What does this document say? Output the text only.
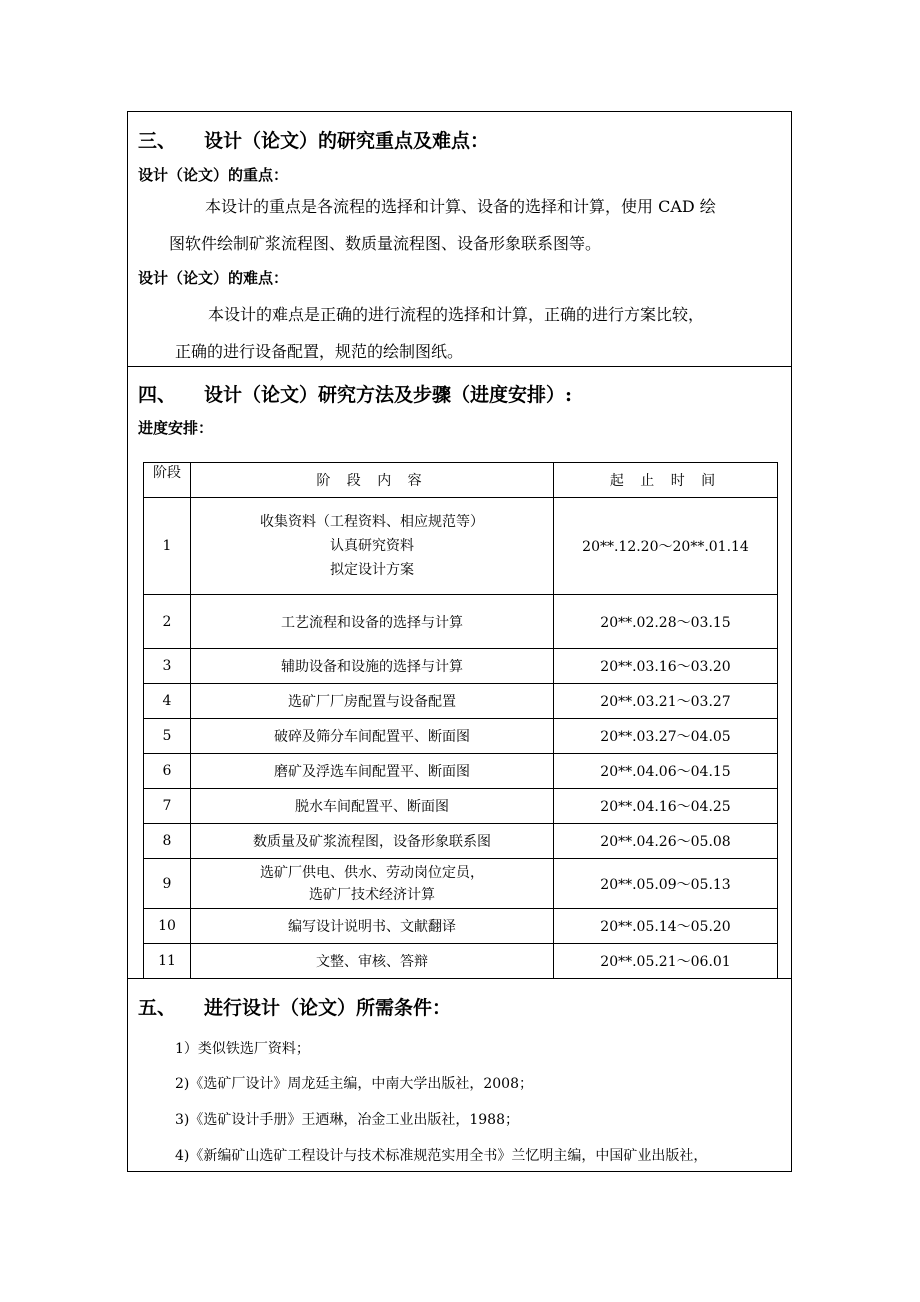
三、 设计（论文）的研究重点及难点：
设计（论文）的重点：
本设计的重点是各流程的选择和计算、设备的选择和计算，使用 CAD 绘
图软件绘制矿浆流程图、数质量流程图、设备形象联系图等。
设计（论文）的难点：
本设计的难点是正确的进行流程的选择和计算，正确的进行方案比较，
正确的进行设备配置，规范的绘制图纸。
四、 设计（论文）研究方法及步骤（进度安排）:
进度安排：
阶段	阶 段 内 容	起 止 时 间
1	收集资料（工程资料、相应规范等）
认真研究资料
拟定设计方案	20**.12.20～20**.01.14
2	工艺流程和设备的选择与计算	20**.02.28～03.15
3	辅助设备和设施的选择与计算	20**.03.16～03.20
4	选矿厂厂房配置与设备配置	20**.03.21～03.27
5	破碎及筛分车间配置平、断面图	20**.03.27～04.05
6	磨矿及浮选车间配置平、断面图	20**.04.06～04.15
7	脱水车间配置平、断面图	20**.04.16～04.25
8	数质量及矿浆流程图，设备形象联系图	20**.04.26～05.08
9	选矿厂供电、供水、劳动岗位定员，
选矿厂技术经济计算	20**.05.09～05.13
10	编写设计说明书、文献翻译	20**.05.14～05.20
11	文整、审核、答辩	20**.05.21～06.01
五、 进行设计（论文）所需条件：
1）类似铁选厂资料；
2)《选矿厂设计》周龙廷主编，中南大学出版社，2008；
3)《选矿设计手册》王迺琳，冶金工业出版社，1988；
4)《新编矿山选矿工程设计与技术标准规范实用全书》兰忆明主编，中国矿业出版社，
